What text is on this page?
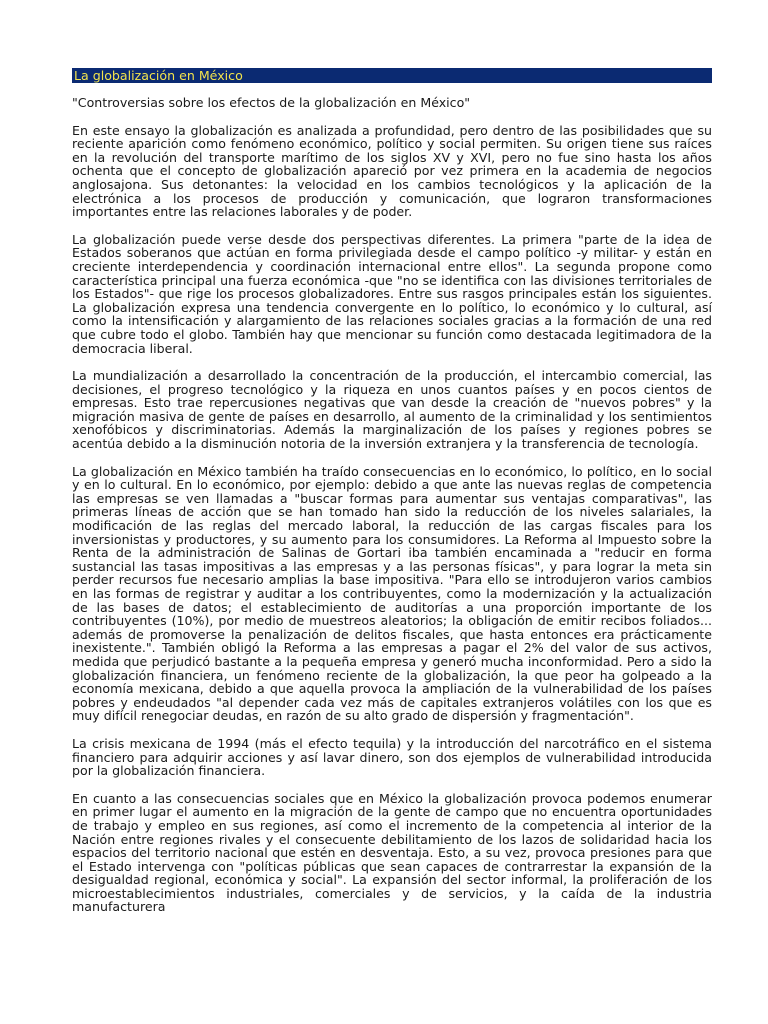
La globalización en México
"Controversias sobre los efectos de la globalización en México"

En este ensayo la globalización es analizada a profundidad, pero dentro de las posibilidades que su reciente aparición como fenómeno económico, político y social permiten. Su origen tiene sus raíces en la revolución del transporte marítimo de los siglos XV y XVI, pero no fue sino hasta los años ochenta que el concepto de globalización apareció por vez primera en la academia de negocios anglosajona. Sus detonantes: la velocidad en los cambios tecnológicos y la aplicación de la electrónica a los procesos de producción y comunicación, que lograron transformaciones importantes entre las relaciones laborales y de poder.

La globalización puede verse desde dos perspectivas diferentes. La primera "parte de la idea de Estados soberanos que actúan en forma privilegiada desde el campo político -y militar- y están en creciente interdependencia y coordinación internacional entre ellos". La segunda propone como característica principal una fuerza económica -que "no se identifica con las divisiones territoriales de los Estados"- que rige los procesos globalizadores. Entre sus rasgos principales están los siguientes. La globalización expresa una tendencia convergente en lo político, lo económico y lo cultural, así como la intensificación y alargamiento de las relaciones sociales gracias a la formación de una red que cubre todo el globo. También hay que mencionar su función como destacada legitimadora de la democracia liberal.

La mundialización a desarrollado la concentración de la producción, el intercambio comercial, las decisiones, el progreso tecnológico y la riqueza en unos cuantos países y en pocos cientos de empresas. Esto trae repercusiones negativas que van desde la creación de "nuevos pobres" y la migración masiva de gente de países en desarrollo, al aumento de la criminalidad y los sentimientos xenofóbicos y discriminatorias. Además la marginalización de los países y regiones pobres se acentúa debido a la disminución notoria de la inversión extranjera y la transferencia de tecnología.

La globalización en México también ha traído consecuencias en lo económico, lo político, en lo social y en lo cultural. En lo económico, por ejemplo: debido a que ante las nuevas reglas de competencia las empresas se ven llamadas a "buscar formas para aumentar sus ventajas comparativas", las primeras líneas de acción que se han tomado han sido la reducción de los niveles salariales, la modificación de las reglas del mercado laboral, la reducción de las cargas fiscales para los inversionistas y productores, y su aumento para los consumidores. La Reforma al Impuesto sobre la Renta de la administración de Salinas de Gortari iba también encaminada a "reducir en forma sustancial las tasas impositivas a las empresas y a las personas físicas", y para lograr la meta sin perder recursos fue necesario amplias la base impositiva. "Para ello se introdujeron varios cambios en las formas de registrar y auditar a los contribuyentes, como la modernización y la actualización de las bases de datos; el establecimiento de auditorías a una proporción importante de los contribuyentes (10%), por medio de muestreos aleatorios; la obligación de emitir recibos foliados... además de promoverse la penalización de delitos fiscales, que hasta entonces era prácticamente inexistente.". También obligó la Reforma a las empresas a pagar el 2% del valor de sus activos, medida que perjudicó bastante a la pequeña empresa y generó mucha inconformidad. Pero a sido la globalización financiera, un fenómeno reciente de la globalización, la que peor ha golpeado a la economía mexicana, debido a que aquella provoca la ampliación de la vulnerabilidad de los países pobres y endeudados "al depender cada vez más de capitales extranjeros volátiles con los que es muy difícil renegociar deudas, en razón de su alto grado de dispersión y fragmentación".

La crisis mexicana de 1994 (más el efecto tequila) y la introducción del narcotráfico en el sistema financiero para adquirir acciones y así lavar dinero, son dos ejemplos de vulnerabilidad introducida por la globalización financiera.

En cuanto a las consecuencias sociales que en México la globalización provoca podemos enumerar en primer lugar el aumento en la migración de la gente de campo que no encuentra oportunidades de trabajo y empleo en sus regiones, así como el incremento de la competencia al interior de la Nación entre regiones rivales y el consecuente debilitamiento de los lazos de solidaridad hacia los espacios del territorio nacional que estén en desventaja. Esto, a su vez, provoca presiones para que el Estado intervenga con "políticas públicas que sean capaces de contrarrestar la expansión de la desigualdad regional, económica y social". La expansión del sector informal, la proliferación de los microestablecimientos industriales, comerciales y de servicios, y la caída de la industria manufacturera
